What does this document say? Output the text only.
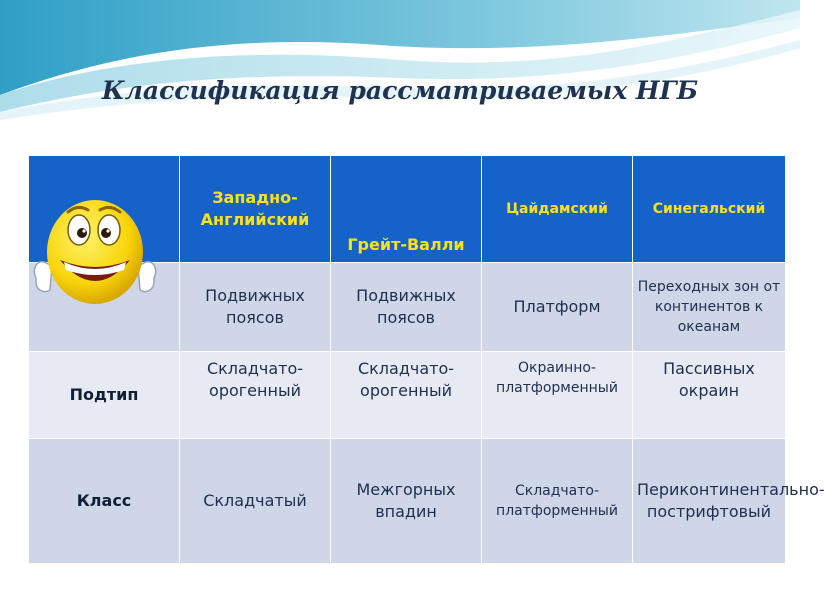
Классификация рассматриваемых НГБ
	Западно-Английский	Грейт-Валли	Цайдамский	Синегальский
	Подвижных поясов	Подвижных поясов	Платформ	Переходных зон от континентов к океанам
Подтип	Складчато-орогенный	Складчато-орогенный	Окраинно-платформенный	Пассивных окраин
Класс	Складчатый	Межгорных впадин	Складчато-платформенный	Периконтинентально-пострифтовый
